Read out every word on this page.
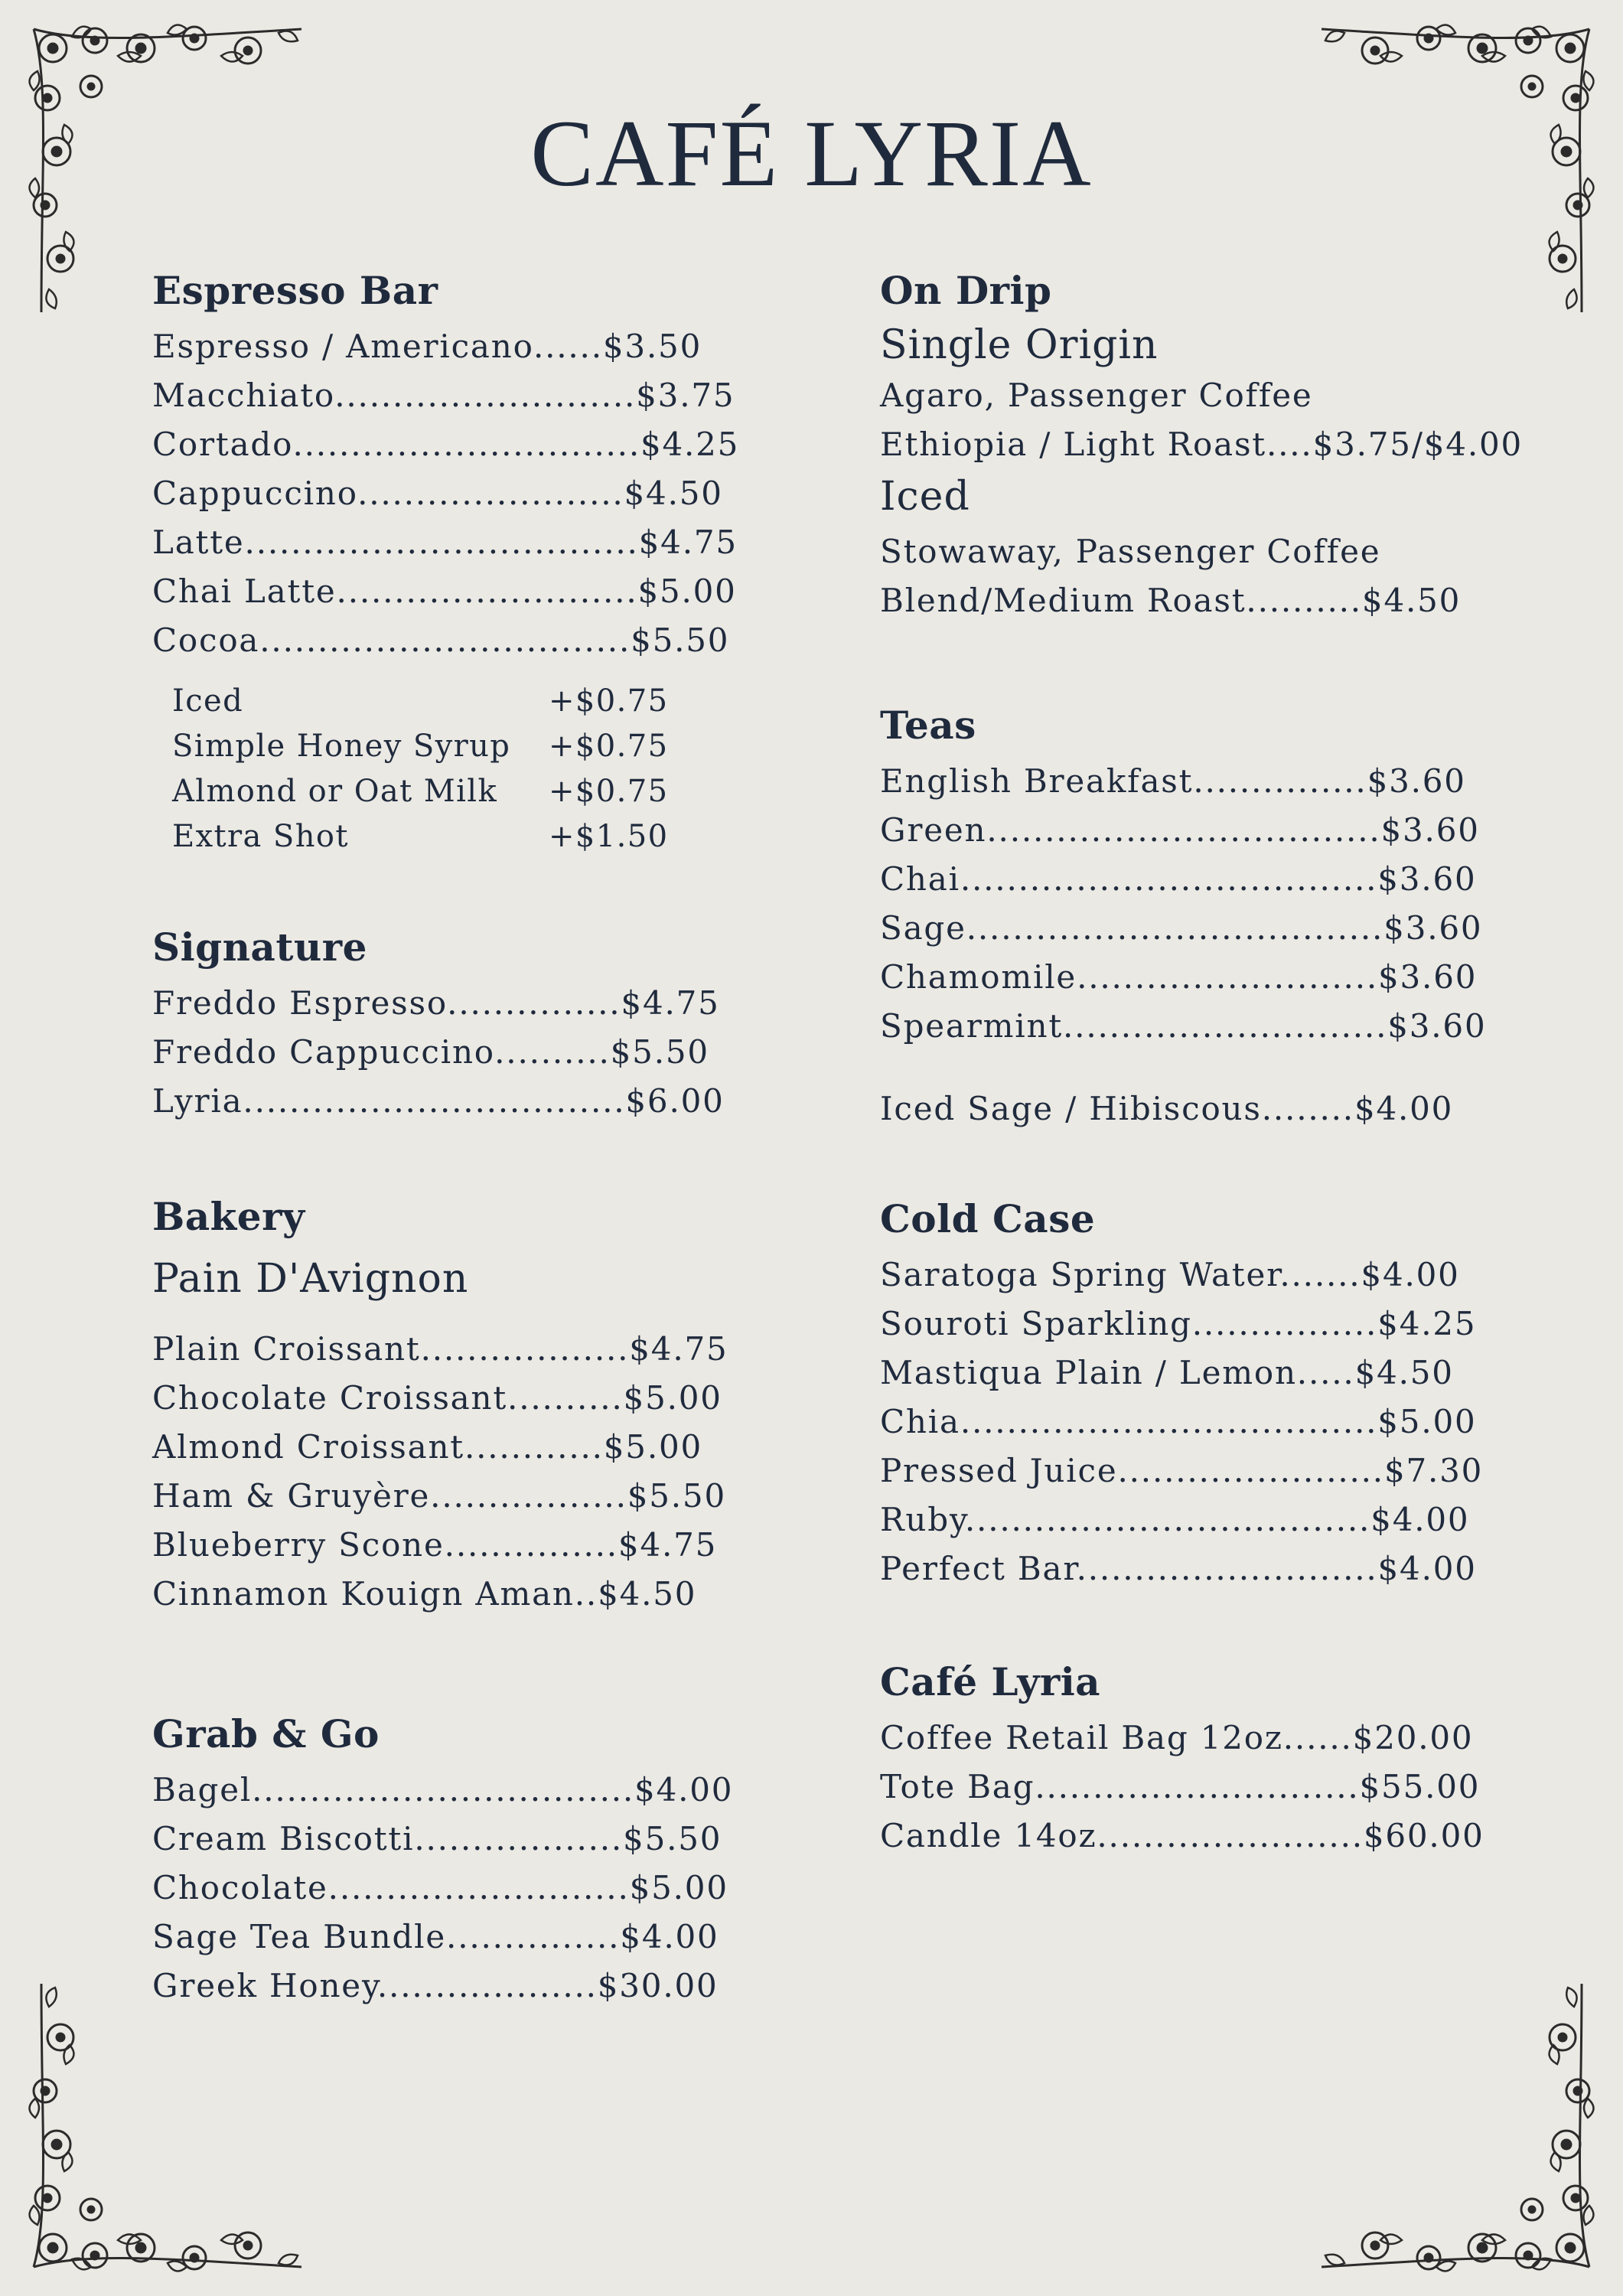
CAFÉ LYRIA
Espresso Bar
Espresso / Americano......$3.50
Macchiato..........................$3.75
Cortado..............................$4.25
Cappuccino.......................$4.50
Latte..................................$4.75
Chai Latte..........................$5.00
Cocoa................................$5.50
Iced	+$0.75
Simple Honey Syrup	+$0.75
Almond or Oat Milk	+$0.75
Extra Shot	+$1.50
Signature
Freddo Espresso...............$4.75
Freddo Cappuccino..........$5.50
Lyria.................................$6.00
Bakery
Pain D'Avignon
Plain Croissant..................$4.75
Chocolate Croissant..........$5.00
Almond Croissant............$5.00
Ham & Gruyère.................$5.50
Blueberry Scone...............$4.75
Cinnamon Kouign Aman..$4.50
Grab & Go
Bagel.................................$4.00
Cream Biscotti..................$5.50
Chocolate..........................$5.00
Sage Tea Bundle...............$4.00
Greek Honey...................$30.00
On Drip
Single Origin
Agaro, Passenger Coffee
Ethiopia / Light Roast....$3.75/$4.00
Iced
Stowaway, Passenger Coffee
Blend/Medium Roast..........$4.50
Teas
English Breakfast...............$3.60
Green..................................$3.60
Chai....................................$3.60
Sage....................................$3.60
Chamomile..........................$3.60
Spearmint............................$3.60
Iced Sage / Hibiscous........$4.00
Cold Case
Saratoga Spring Water.......$4.00
Souroti Sparkling................$4.25
Mastiqua Plain / Lemon.....$4.50
Chia....................................$5.00
Pressed Juice.......................$7.30
Ruby...................................$4.00
Perfect Bar..........................$4.00
Café Lyria
Coffee Retail Bag 12oz......$20.00
Tote Bag............................$55.00
Candle 14oz.......................$60.00
